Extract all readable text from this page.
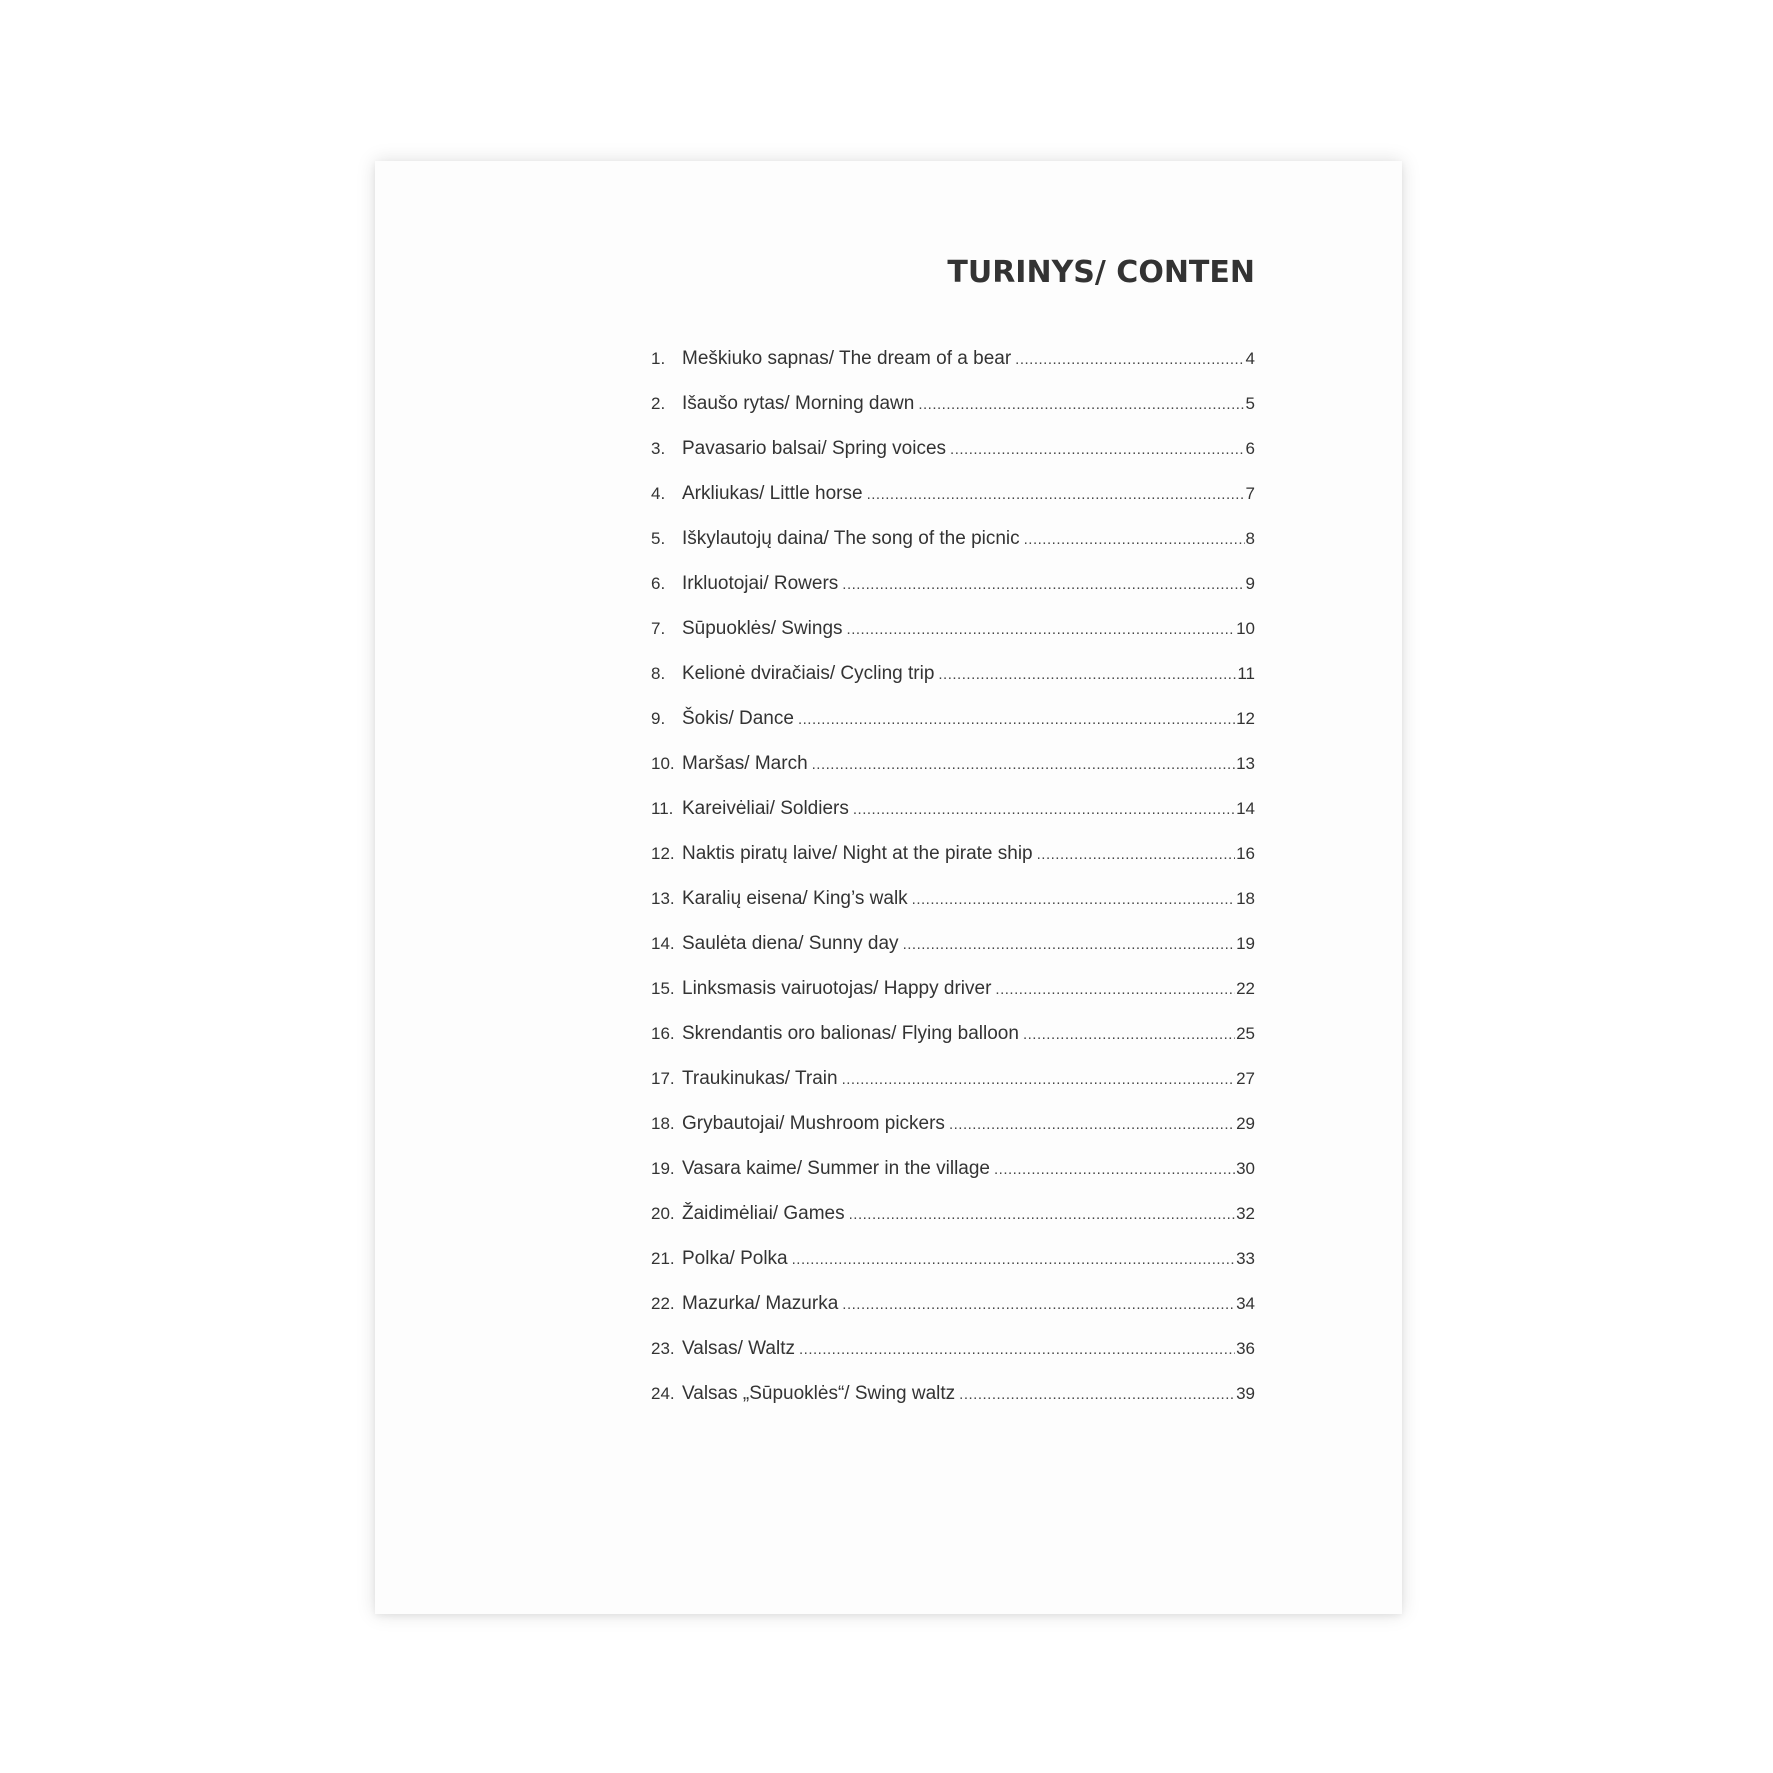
TURINYS/ CONTEN
1. Meškiuko sapnas/ The dream of a bear .....	4
2. Išaušo rytas/ Morning dawn .....	5
3. Pavasario balsai/ Spring voices .....	6
4. Arkliukas/ Little horse .....	7
5. Iškylautojų daina/ The song of the picnic .....	8
6. Irkluotojai/ Rowers .....	9
7. Sūpuoklės/ Swings .....	10
8. Kelionė dviračiais/ Cycling trip .....	11
9. Šokis/ Dance .....	12
10. Maršas/ March .....	13
11. Kareivėliai/ Soldiers .....	14
12. Naktis piratų laive/ Night at the pirate ship .....	16
13. Karalių eisena/ King’s walk .....	18
14. Saulėta diena/ Sunny day .....	19
15. Linksmasis vairuotojas/ Happy driver .....	22
16. Skrendantis oro balionas/ Flying balloon .....	25
17. Traukinukas/ Train .....	27
18. Grybautojai/ Mushroom pickers .....	29
19. Vasara kaime/ Summer in the village .....	30
20. Žaidimėliai/ Games .....	32
21. Polka/ Polka .....	33
22. Mazurka/ Mazurka .....	34
23. Valsas/ Waltz .....	36
24. Valsas „Sūpuoklės“/ Swing waltz .....	39
